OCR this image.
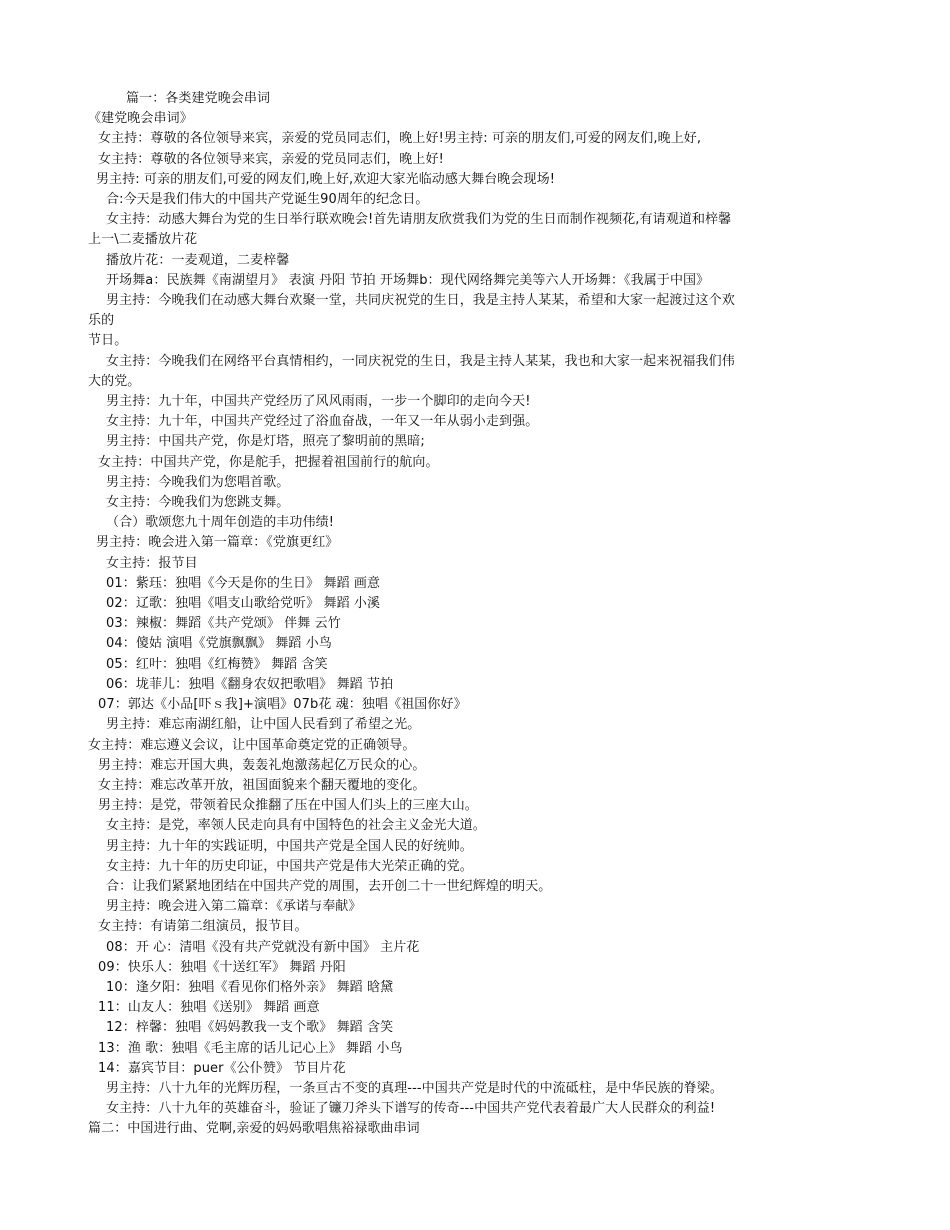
篇一：各类建党晚会串词
《建党晚会串词》
女主持：尊敬的各位领导来宾，亲爱的党员同志们，晚上好!男主持: 可亲的朋友们,可爱的网友们,晚上好,
女主持：尊敬的各位领导来宾，亲爱的党员同志们，晚上好!
男主持: 可亲的朋友们,可爱的网友们,晚上好,欢迎大家光临动感大舞台晚会现场!
合:今天是我们伟大的中国共产党诞生90周年的纪念日。
女主持：动感大舞台为党的生日举行联欢晚会!首先请朋友欣赏我们为党的生日而制作视频花,有请观道和梓馨
上一\二麦播放片花
播放片花：一麦观道，二麦梓馨
开场舞a：民族舞《南湖望月》 表演 丹阳 节拍 开场舞b：现代网络舞完美等六人开场舞：《我属于中国》
男主持：今晚我们在动感大舞台欢聚一堂，共同庆祝党的生日，我是主持人某某，希望和大家一起渡过这个欢
乐的
节日。
女主持：今晚我们在网络平台真情相约，一同庆祝党的生日，我是主持人某某，我也和大家一起来祝福我们伟
大的党。
男主持：九十年，中国共产党经历了风风雨雨，一步一个脚印的走向今天!
女主持：九十年，中国共产党经过了浴血奋战，一年又一年从弱小走到强。
男主持：中国共产党，你是灯塔，照亮了黎明前的黑暗;
女主持：中国共产党，你是舵手，把握着祖国前行的航向。
男主持：今晚我们为您唱首歌。
女主持：今晚我们为您跳支舞。
（合）歌颂您九十周年创造的丰功伟绩!
男主持：晚会进入第一篇章：《党旗更红》
女主持：报节目
01：紫珏：独唱《今天是你的生日》 舞蹈 画意
02：辽歌：独唱《唱支山歌给党听》 舞蹈 小溪
03：辣椒：舞蹈《共产党颂》 伴舞 云竹
04：傻姑 演唱《党旗飘飘》 舞蹈 小鸟
05：红叶：独唱《红梅赞》 舞蹈 含笑
06：垅菲儿：独唱《翻身农奴把歌唱》 舞蹈 节拍
07：郭达《小品[吓ｓ我]+演唱》07b花 魂：独唱《祖国你好》
男主持：难忘南湖红船，让中国人民看到了希望之光。
女主持：难忘遵义会议，让中国革命奠定党的正确领导。
男主持：难忘开国大典，轰轰礼炮激荡起亿万民众的心。
女主持：难忘改革开放，祖国面貌来个翻天覆地的变化。
男主持：是党，带领着民众推翻了压在中国人们头上的三座大山。
女主持：是党，率领人民走向具有中国特色的社会主义金光大道。
男主持：九十年的实践证明，中国共产党是全国人民的好统帅。
女主持：九十年的历史印证，中国共产党是伟大光荣正确的党。
合：让我们紧紧地团结在中国共产党的周围，去开创二十一世纪辉煌的明天。
男主持：晚会进入第二篇章：《承诺与奉献》
女主持：有请第二组演员，报节目。
08：开 心：清唱《没有共产党就没有新中国》 主片花
09：快乐人：独唱《十送红军》 舞蹈 丹阳
10：逢夕阳：独唱《看见你们格外亲》 舞蹈 晗黛
11：山友人：独唱《送别》 舞蹈 画意
12：梓馨：独唱《妈妈教我一支个歌》 舞蹈 含笑
13：渔 歌：独唱《毛主席的话儿记心上》 舞蹈 小鸟
14：嘉宾节目：puer《公仆赞》 节目片花
男主持：八十九年的光辉历程，一条亘古不变的真理---中国共产党是时代的中流砥柱，是中华民族的脊梁。
女主持：八十九年的英雄奋斗，验证了镰刀斧头下谱写的传奇---中国共产党代表着最广大人民群众的利益!
篇二：中国进行曲、党啊,亲爱的妈妈歌唱焦裕禄歌曲串词
